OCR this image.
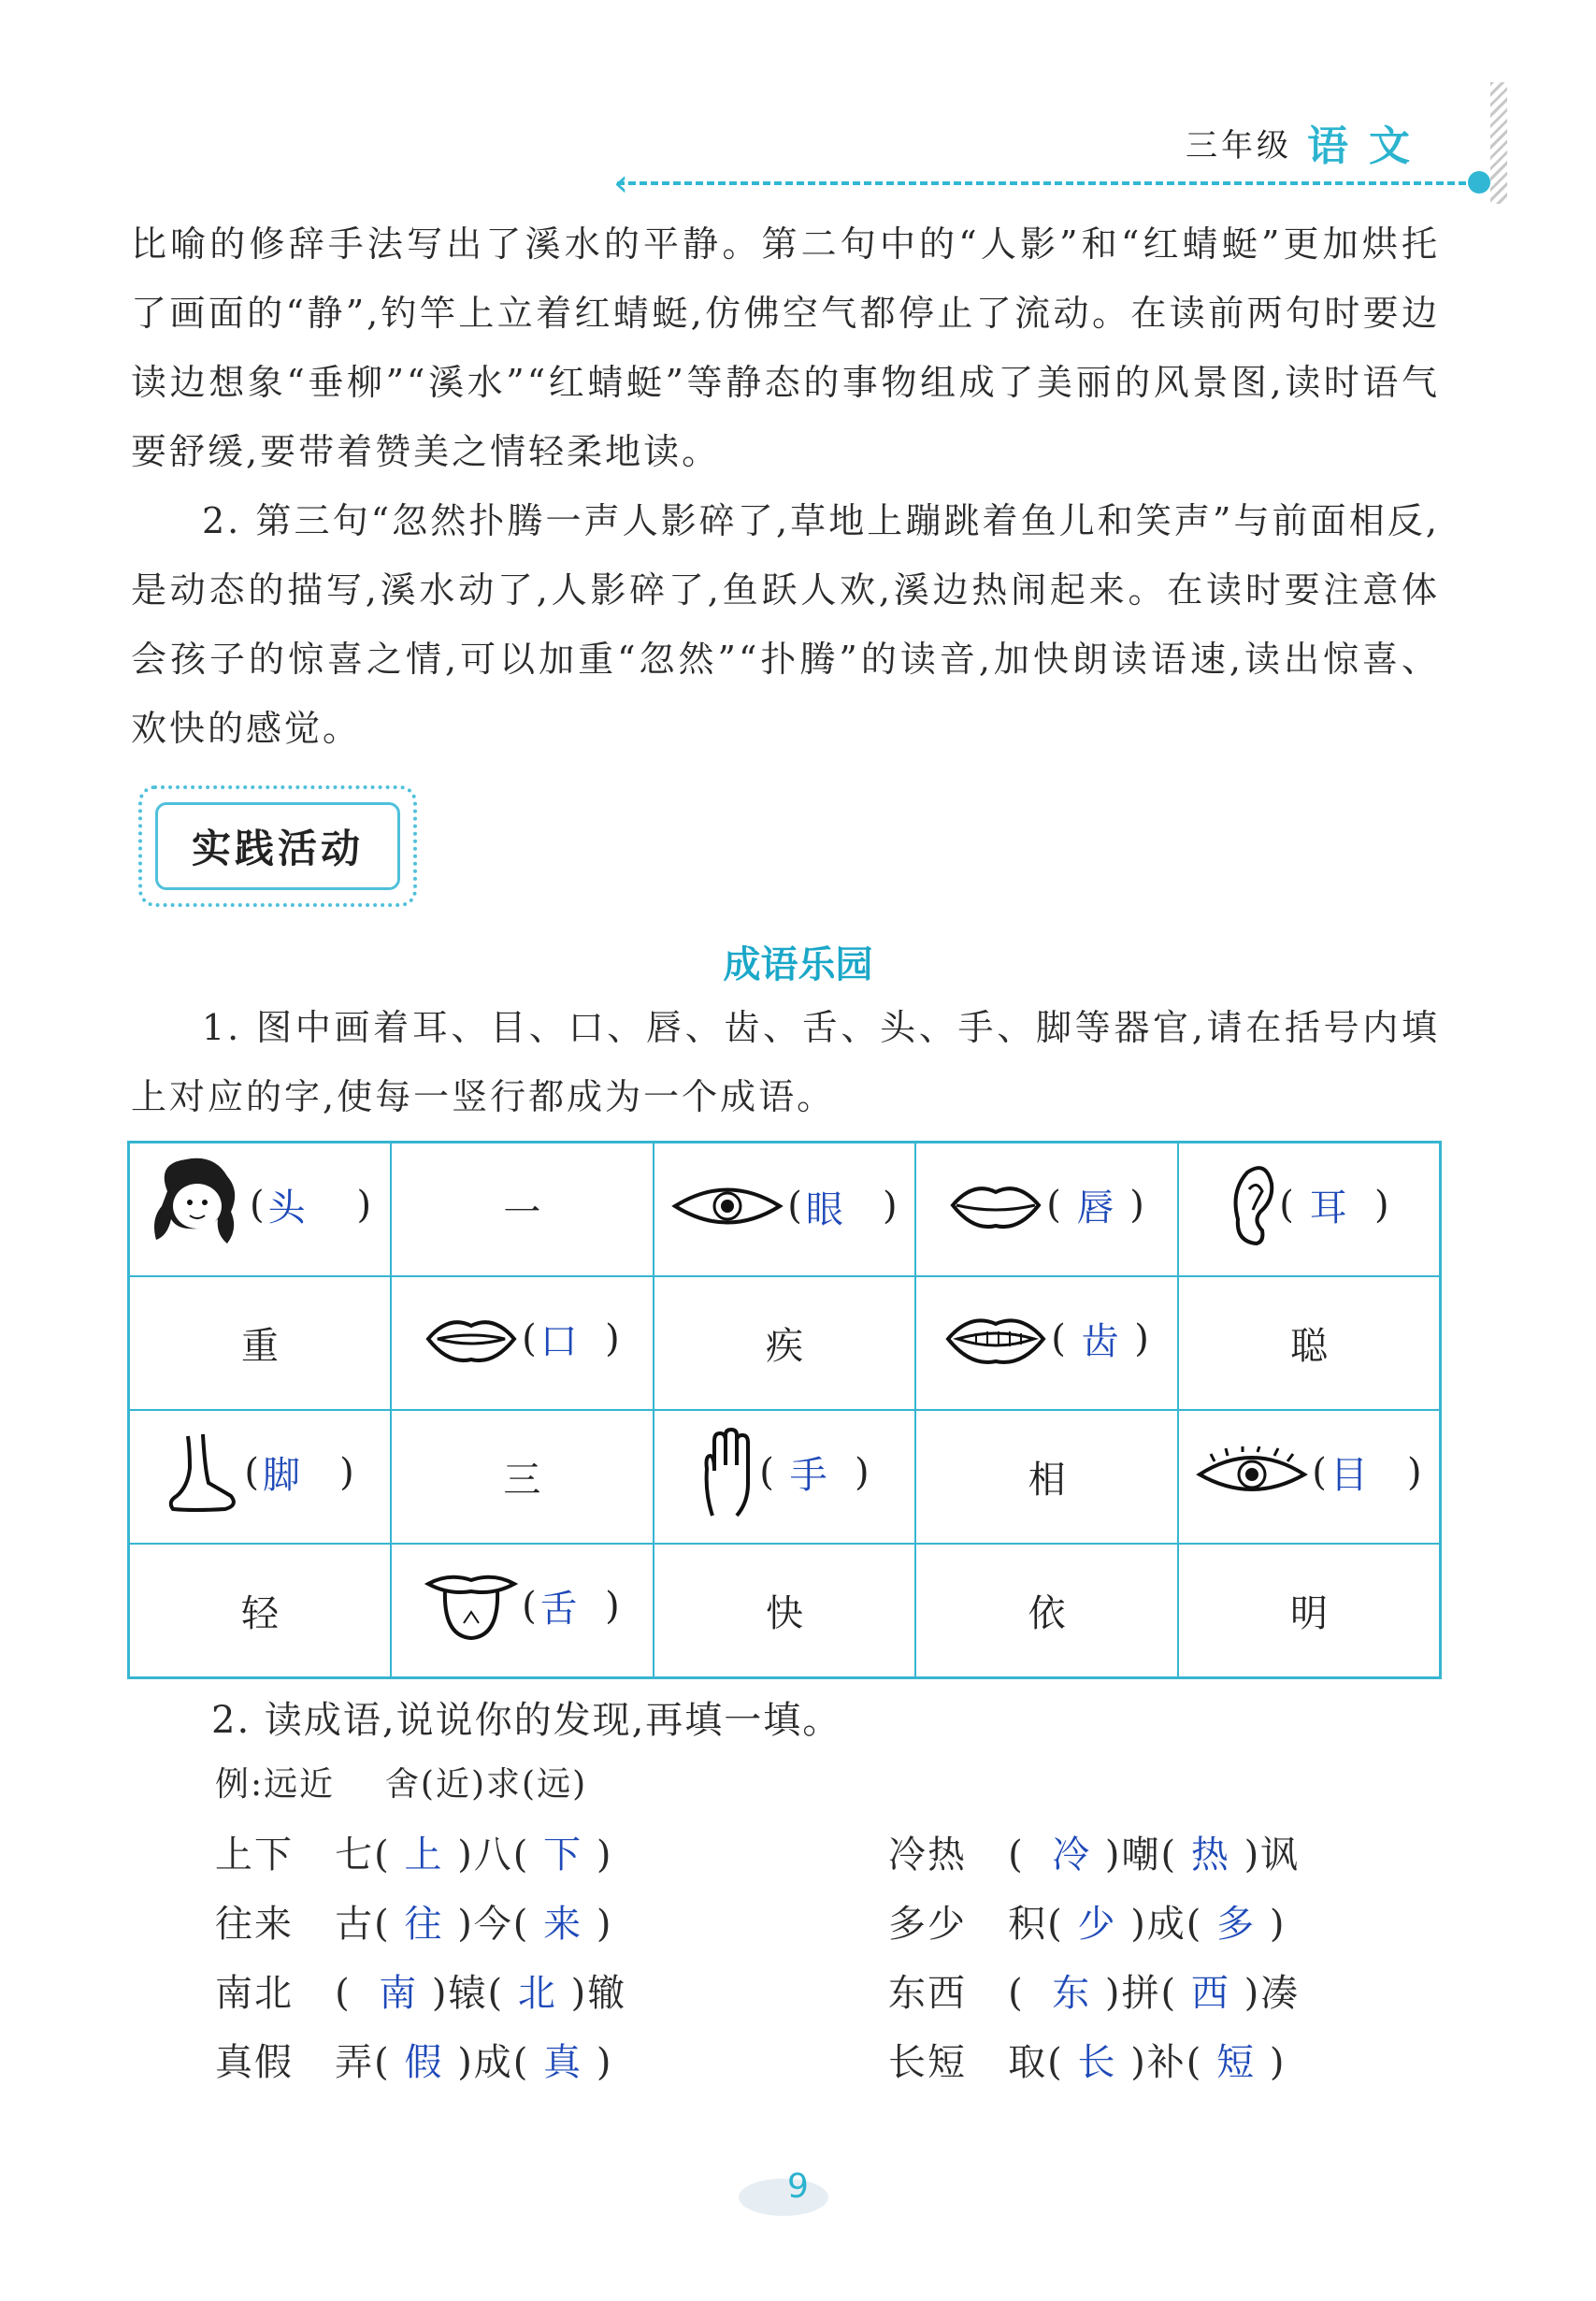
三年级 语文
‹

比喻的修辞手法写出了溪水的平静。第二句中的“人影”和“红蜻蜓”更加烘托了画面的“静”,钓竿上立着红蜻蜓,仿佛空气都停止了流动。在读前两句时要边读边想象“垂柳”“溪水”“红蜻蜓”等静态的事物组成了美丽的风景图,读时语气要舒缓,要带着赞美之情轻柔地读。

2. 第三句“忽然扑腾一声人影碎了,草地上蹦跳着鱼儿和笑声”与前面相反,是动态的描写,溪水动了,人影碎了,鱼跃人欢,溪边热闹起来。在读时要注意体会孩子的惊喜之情,可以加重“忽然”“扑腾”的读音,加快朗读语速,读出惊喜、欢快的感觉。

实践活动
成语乐园

1. 图中画着耳、目、口、唇、齿、舌、头、手、脚等器官,请在括号内填上对应的字,使每一竖行都成为一个成语。

( 头 )	一	( 眼 )	( 唇 )	( 耳 )

重	( 口 )	疾	( 齿 )	聪

( 脚 )	三	( 手 )	相	( 目 )

轻	( 舌 )	快	依	明
2. 读成语,说说你的发现,再填一填。
例:远近 舍(近)求(远)
上下 七( 上 )八( 下 )
往来 古( 往 )今( 来 )
南北 ( 南 )辕( 北 )辙
真假 弄( 假 )成( 真 )
冷热 ( 冷 )嘲( 热 )讽
多少 积( 少 )成( 多 )
东西 ( 东 )拼( 西 )凑
长短 取( 长 )补( 短 )
9
